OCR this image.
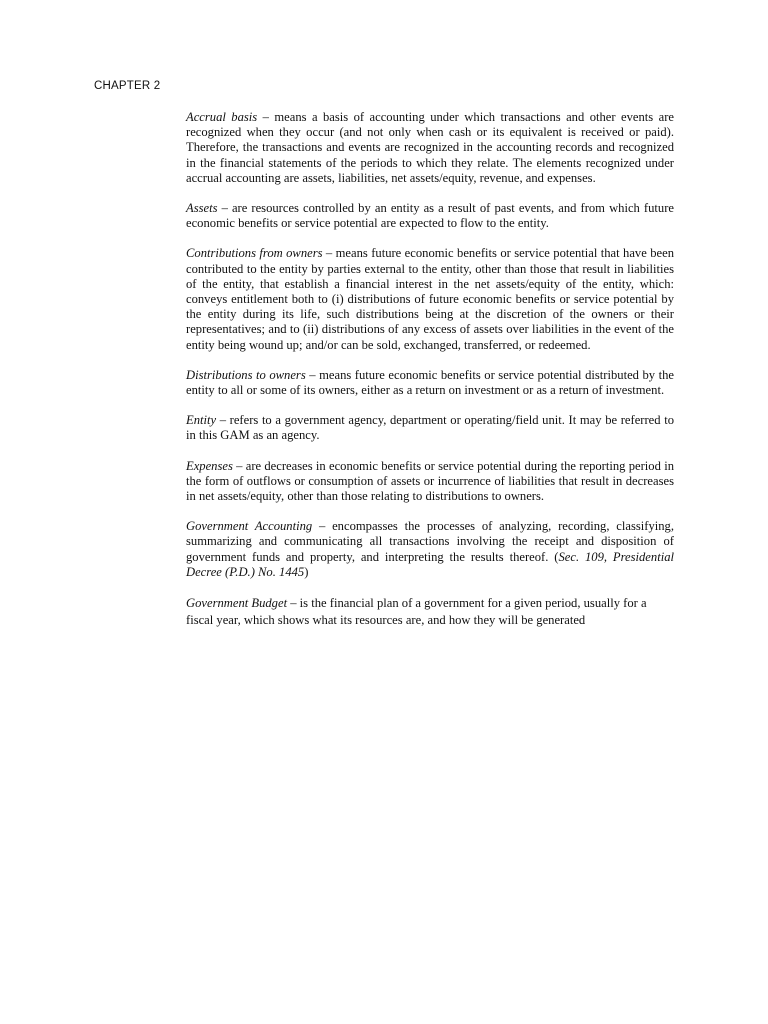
CHAPTER 2

Accrual basis – means a basis of accounting under which transactions and other events are recognized when they occur (and not only when cash or its equivalent is received or paid). Therefore, the transactions and events are recognized in the accounting records and recognized in the financial statements of the periods to which they relate. The elements recognized under accrual accounting are assets, liabilities, net assets/equity, revenue, and expenses.

Assets – are resources controlled by an entity as a result of past events, and from which future economic benefits or service potential are expected to flow to the entity.

Contributions from owners – means future economic benefits or service potential that have been contributed to the entity by parties external to the entity, other than those that result in liabilities of the entity, that establish a financial interest in the net assets/equity of the entity, which: conveys entitlement both to (i) distributions of future economic benefits or service potential by the entity during its life, such distributions being at the discretion of the owners or their representatives; and to (ii) distributions of any excess of assets over liabilities in the event of the entity being wound up; and/or can be sold, exchanged, transferred, or redeemed.

Distributions to owners – means future economic benefits or service potential distributed by the entity to all or some of its owners, either as a return on investment or as a return of investment.

Entity – refers to a government agency, department or operating/field unit. It may be referred to in this GAM as an agency.

Expenses – are decreases in economic benefits or service potential during the reporting period in the form of outflows or consumption of assets or incurrence of liabilities that result in decreases in net assets/equity, other than those relating to distributions to owners.

Government Accounting – encompasses the processes of analyzing, recording, classifying, summarizing and communicating all transactions involving the receipt and disposition of government funds and property, and interpreting the results thereof. (Sec. 109, Presidential Decree (P.D.) No. 1445)

Government Budget – is the financial plan of a government for a given period, usually for a fiscal year, which shows what its resources are, and how they will be generated
